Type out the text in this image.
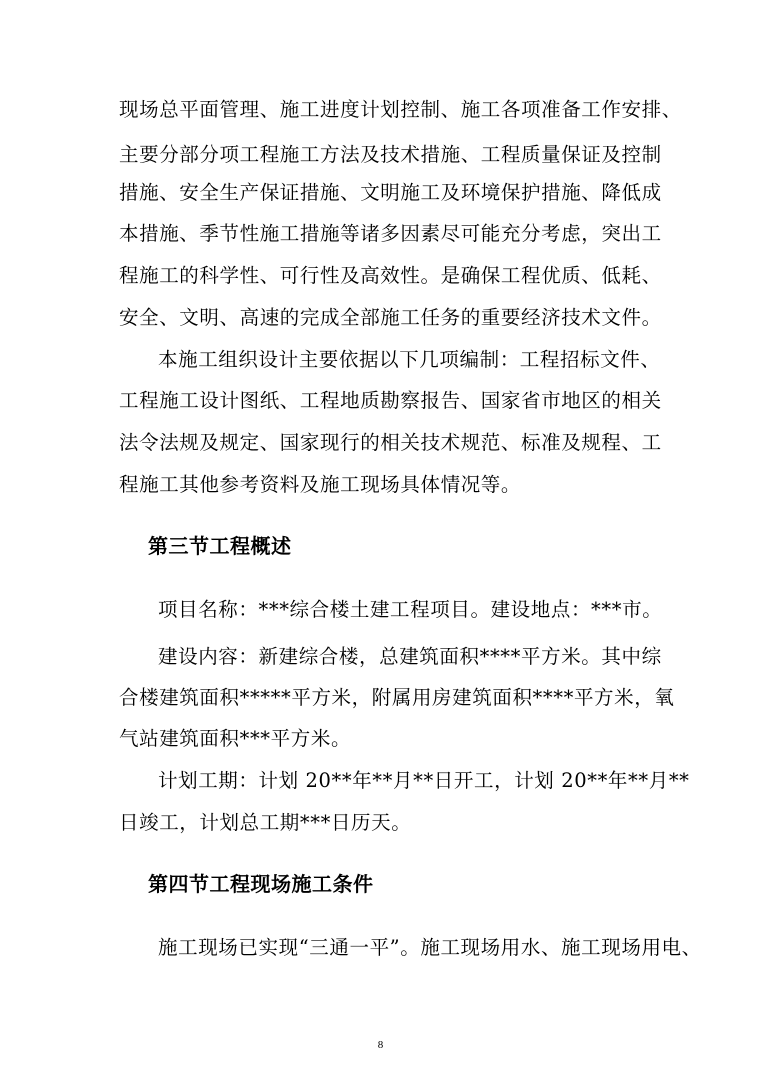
现场总平面管理、施工进度计划控制、施工各项准备工作安排、
主要分部分项工程施工方法及技术措施、工程质量保证及控制
措施、安全生产保证措施、文明施工及环境保护措施、降低成
本措施、季节性施工措施等诸多因素尽可能充分考虑，突出工
程施工的科学性、可行性及高效性。是确保工程优质、低耗、
安全、文明、高速的完成全部施工任务的重要经济技术文件。
本施工组织设计主要依据以下几项编制：工程招标文件、
工程施工设计图纸、工程地质勘察报告、国家省市地区的相关
法令法规及规定、国家现行的相关技术规范、标准及规程、工
程施工其他参考资料及施工现场具体情况等。
第三节工程概述
项目名称：***综合楼土建工程项目。建设地点：***市。
建设内容：新建综合楼，总建筑面积****平方米。其中综
合楼建筑面积*****平方米，附属用房建筑面积****平方米，氧
气站建筑面积***平方米。
计划工期：计划 20**年**月**日开工，计划 20**年**月**
日竣工，计划总工期***日历天。
第四节工程现场施工条件
施工现场已实现“三通一平”。施工现场用水、施工现场用电、
8
